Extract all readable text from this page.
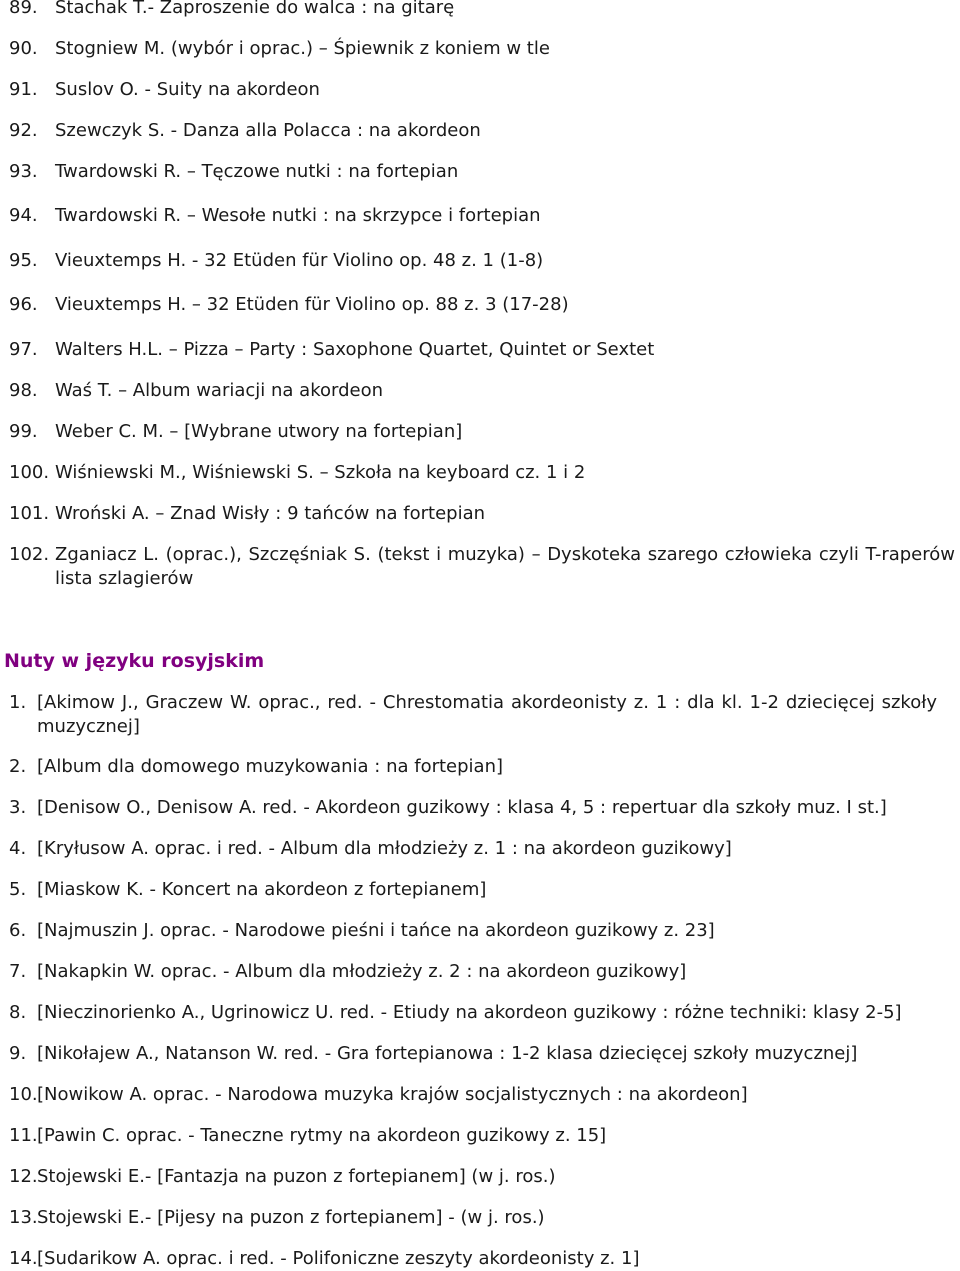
89. Stachak T.- Zaproszenie do walca : na gitarę
90. Stogniew M. (wybór i oprac.) – Śpiewnik z koniem w tle
91. Suslov O. - Suity na akordeon
92. Szewczyk S. - Danza alla Polacca : na akordeon
93. Twardowski R. – Tęczowe nutki : na fortepian
94. Twardowski R. – Wesołe nutki : na skrzypce i fortepian
95. Vieuxtemps H. - 32 Etüden für Violino op. 48 z. 1 (1-8)
96. Vieuxtemps H. – 32 Etüden für Violino op. 88 z. 3 (17-28)
97. Walters H.L. – Pizza – Party : Saxophone Quartet, Quintet or Sextet
98. Waś T. – Album wariacji na akordeon
99. Weber C. M. – [Wybrane utwory na fortepian]
100. Wiśniewski M., Wiśniewski S. – Szkoła na keyboard cz. 1 i 2
101. Wroński A. – Znad Wisły : 9 tańców na fortepian
102. Zganiacz L. (oprac.), Szczęśniak S. (tekst i muzyka) – Dyskoteka szarego człowieka czyli T-raperów lista szlagierów
Nuty w języku rosyjskim
1. [Akimow J., Graczew W. oprac., red. - Chrestomatia akordeonisty z. 1 : dla kl. 1-2 dziecięcej szkoły muzycznej]
2. [Album dla domowego muzykowania : na fortepian]
3. [Denisow O., Denisow A. red. - Akordeon guzikowy : klasa 4, 5 : repertuar dla szkoły muz. I st.]
4. [Kryłusow A. oprac. i red. - Album dla młodzieży z. 1 : na akordeon guzikowy]
5. [Miaskow K. - Koncert na akordeon z fortepianem]
6. [Najmuszin J. oprac. - Narodowe pieśni i tańce na akordeon guzikowy z. 23]
7. [Nakapkin W. oprac. - Album dla młodzieży z. 2 : na akordeon guzikowy]
8. [Nieczinorienko A., Ugrinowicz U. red. - Etiudy na akordeon guzikowy : różne techniki: klasy 2-5]
9. [Nikołajew A., Natanson W. red. - Gra fortepianowa : 1-2 klasa dziecięcej szkoły muzycznej]
10. [Nowikow A. oprac. - Narodowa muzyka krajów socjalistycznych : na akordeon]
11. [Pawin C. oprac. - Taneczne rytmy na akordeon guzikowy z. 15]
12. Stojewski E.- [Fantazja na puzon z fortepianem] (w j. ros.)
13. Stojewski E.- [Pijesy na puzon z fortepianem] - (w j. ros.)
14. [Sudarikow A. oprac. i red. - Polifoniczne zeszyty akordeonisty z. 1]
